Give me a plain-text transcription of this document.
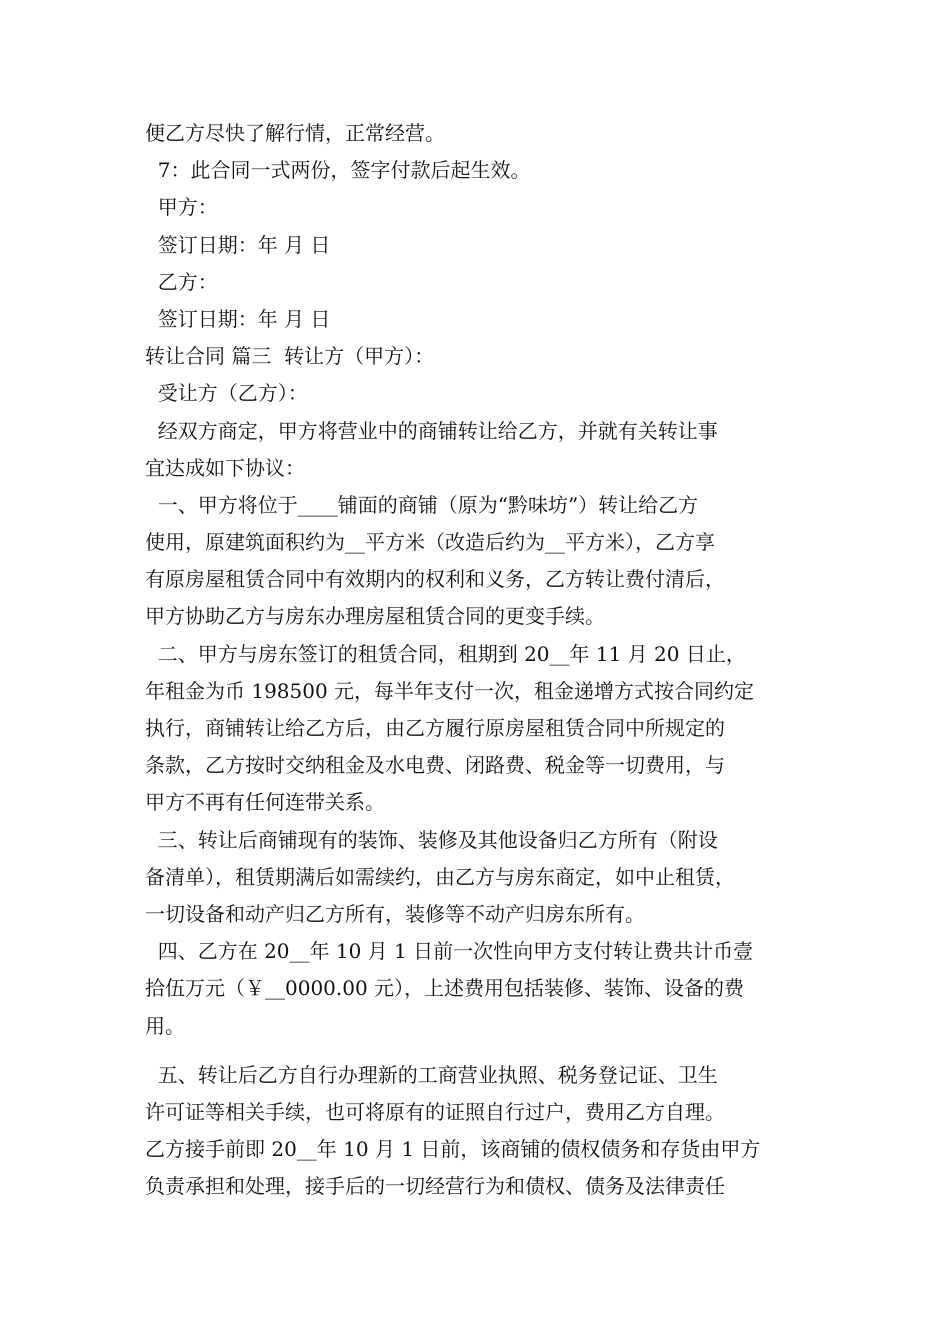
便乙方尽快了解行情，正常经营。
7：此合同一式两份，签字付款后起生效。
甲方：
签订日期：年 月 日
乙方：
签订日期：年 月 日
转让合同 篇三  转让方（甲方）：
受让方（乙方）：
经双方商定，甲方将营业中的商铺转让给乙方，并就有关转让事
宜达成如下协议：
一、甲方将位于____铺面的商铺（原为“黔味坊”）转让给乙方
使用，原建筑面积约为__平方米（改造后约为__平方米），乙方享
有原房屋租赁合同中有效期内的权利和义务，乙方转让费付清后，
甲方协助乙方与房东办理房屋租赁合同的更变手续。
二、甲方与房东签订的租赁合同，租期到 20__年 11 月 20 日止，
年租金为币 198500 元，每半年支付一次，租金递增方式按合同约定
执行，商铺转让给乙方后，由乙方履行原房屋租赁合同中所规定的
条款，乙方按时交纳租金及水电费、闭路费、税金等一切费用，与
甲方不再有任何连带关系。
三、转让后商铺现有的装饰、装修及其他设备归乙方所有（附设
备清单），租赁期满后如需续约，由乙方与房东商定，如中止租赁，
一切设备和动产归乙方所有，装修等不动产归房东所有。
四、乙方在 20__年 10 月 1 日前一次性向甲方支付转让费共计币壹
拾伍万元（￥__0000.00 元），上述费用包括装修、装饰、设备的费
用。
五、转让后乙方自行办理新的工商营业执照、税务登记证、卫生
许可证等相关手续，也可将原有的证照自行过户，费用乙方自理。
乙方接手前即 20__年 10 月 1 日前，该商铺的债权债务和存货由甲方
负责承担和处理，接手后的一切经营行为和债权、债务及法律责任
